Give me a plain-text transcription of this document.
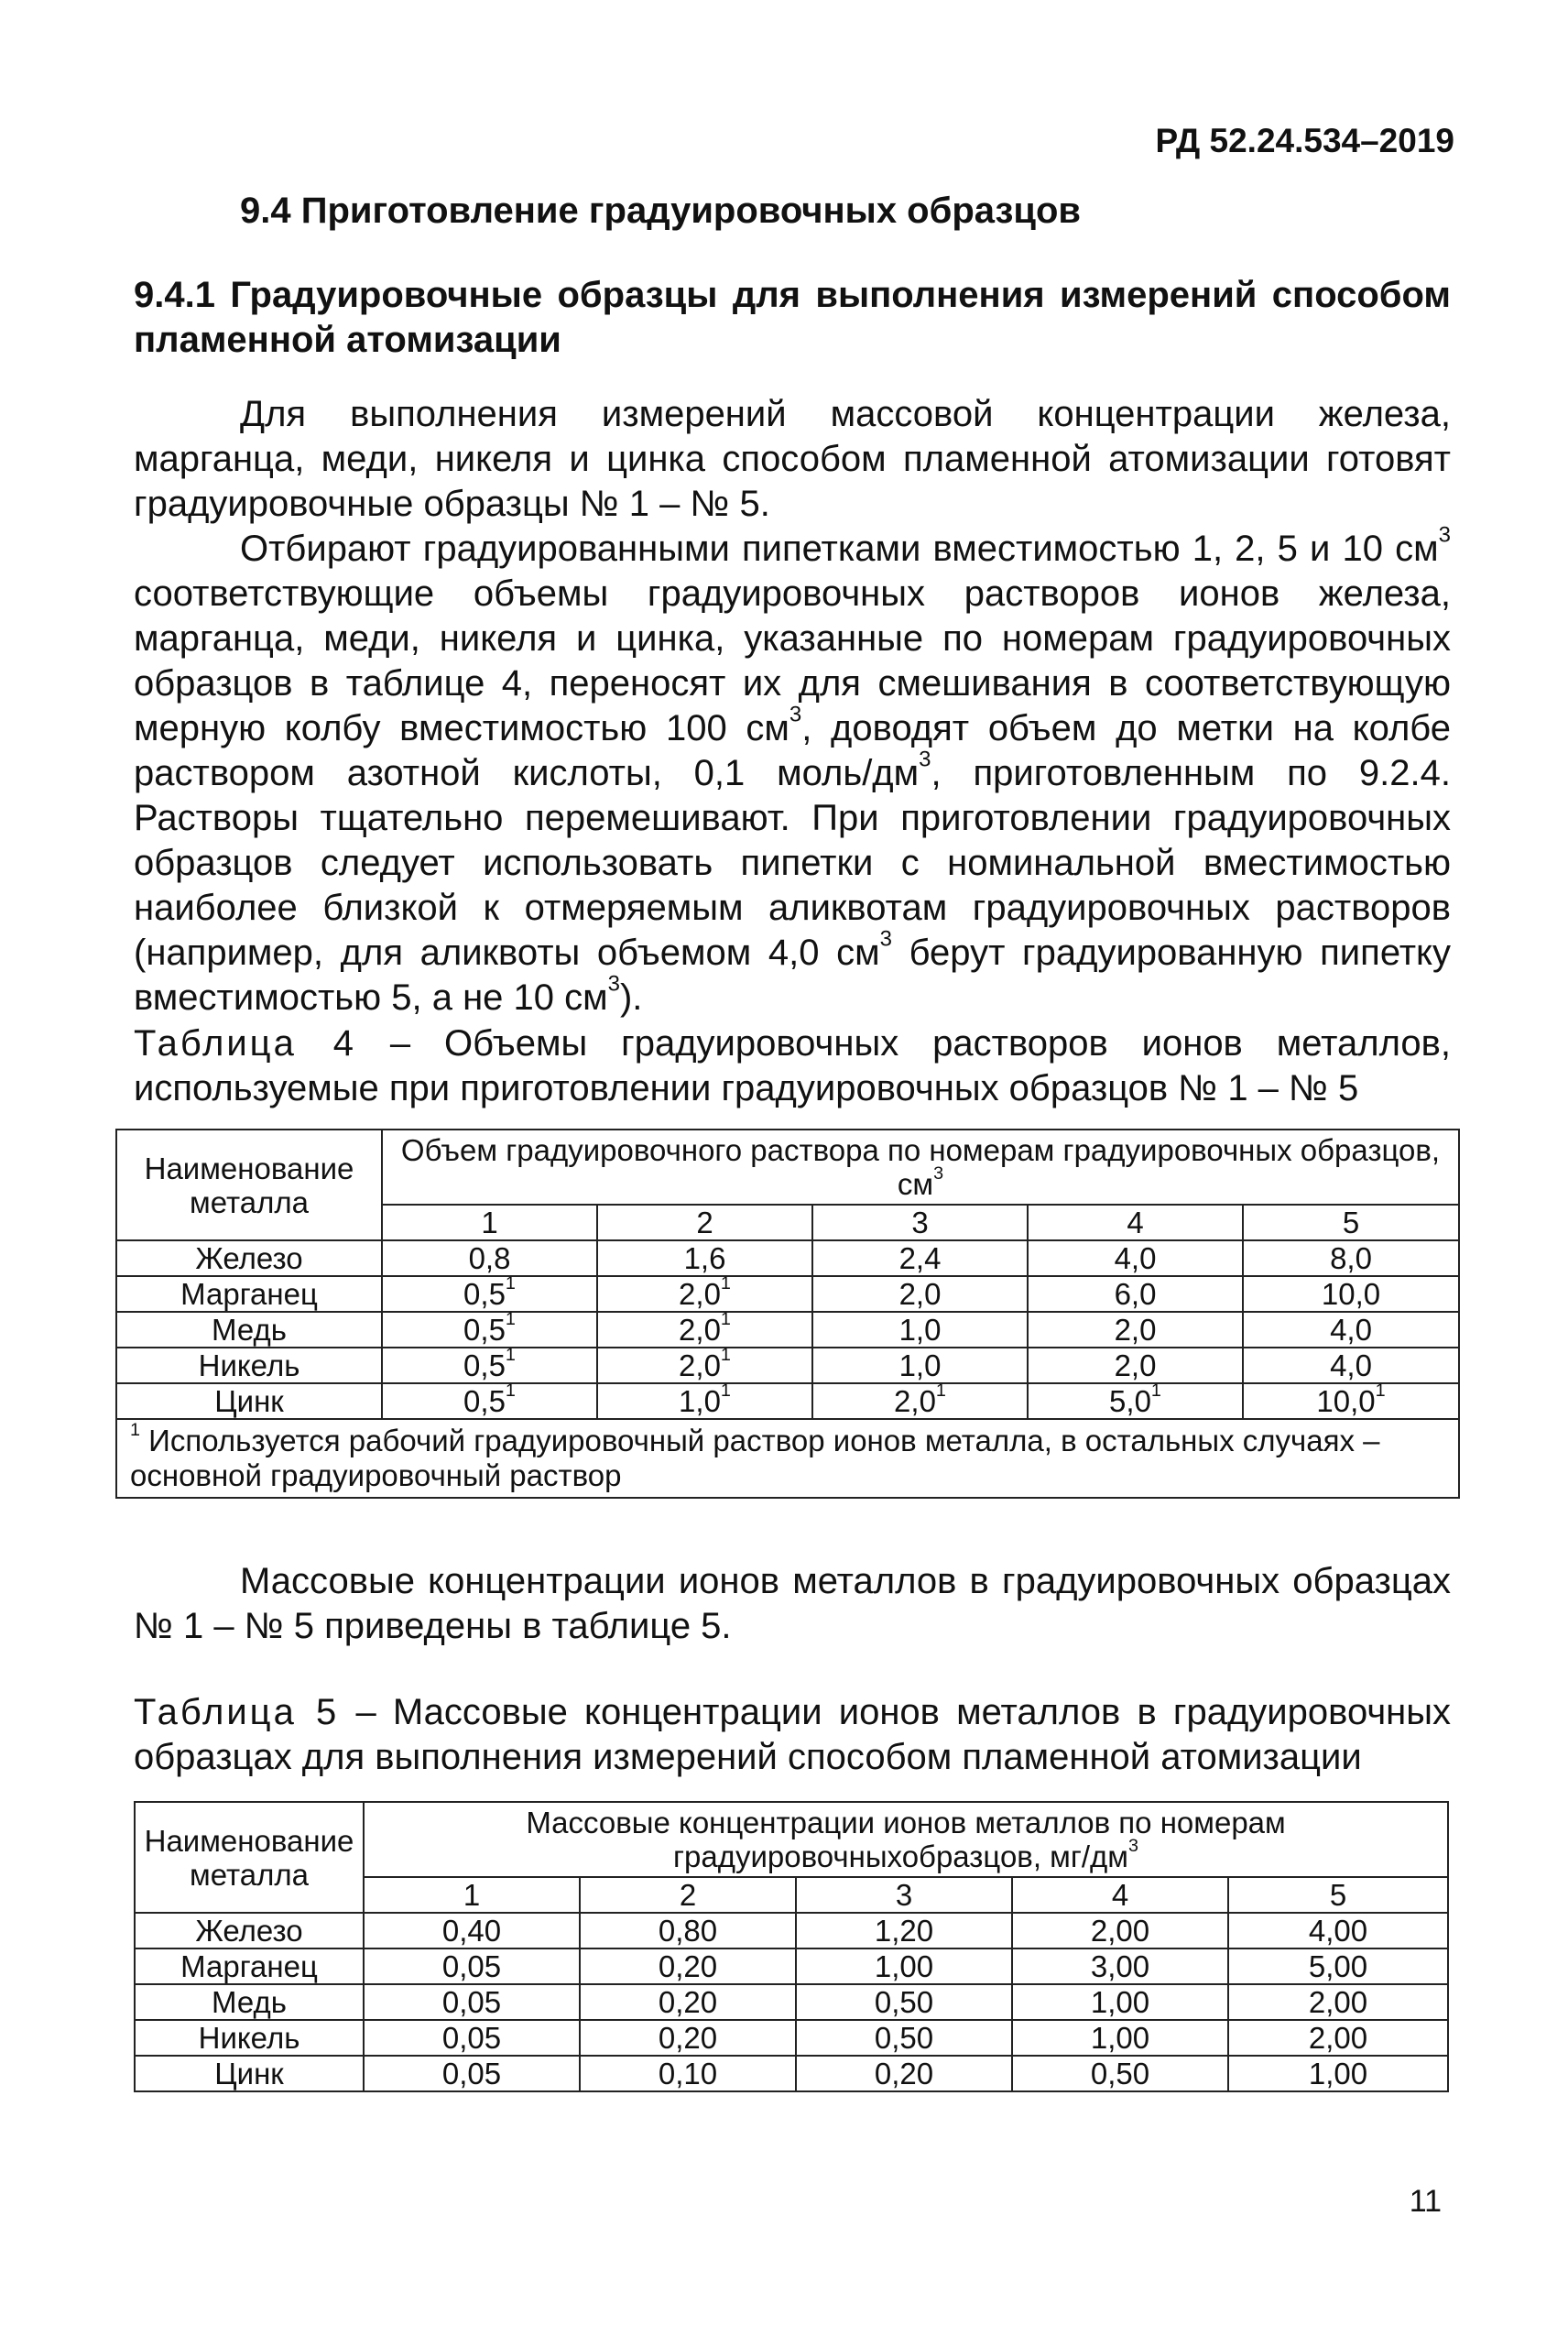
РД 52.24.534–2019

9.4 Приготовление градуировочных образцов
9.4.1 Градуировочные образцы для выполнения измерений способом пламенной атомизации
Для выполнения измерений массовой концентрации железа, марганца, меди, никеля и цинка способом пламенной атомизации готовят градуировочные образцы № 1 – № 5.
Отбирают градуированными пипетками вместимостью 1, 2, 5 и 10 $см^3$ соответствующие объемы градуировочных растворов ионов железа, марганца, меди, никеля и цинка, указанные по номерам градуировочных образцов в таблице 4, переносят их для смешивания в соответствующую мерную колбу вместимостью 100 $см^3$, доводят объем до метки на колбе раствором азотной кислоты, 0,1 моль/$дм^3$, приготовленным по 9.2.4. Растворы тщательно перемешивают. При приготовлении градуировочных образцов следует использовать пипетки с номинальной вместимостью наиболее близкой к отмеряемым аликвотам градуировочных растворов (например, для аликвоты объемом 4,0 $см^3$ берут градуированную пипетку вместимостью 5, а не 10 $см^3$).

Таблица 4 – Объемы градуировочных растворов ионов металлов, используемые при приготовлении градуировочных образцов № 1 – № 5

Наименование металла	Объем градуировочного раствора по номерам градуировочных образцов, $см^3$
	1	2	3	4	5
Железо	0,8	1,6	2,4	4,0	8,0
Марганец	$0,5^1$	$2,0^1$	2,0	6,0	10,0
Медь	$0,5^1$	$2,0^1$	1,0	2,0	4,0
Никель	$0,5^1$	$2,0^1$	1,0	2,0	4,0
Цинк	$0,5^1$	$1,0^1$	$2,0^1$	$5,0^1$	10,0$^1$
$^1$ Используется рабочий градуировочный раствор ионов металла, в остальных случаях – основной градуировочный раствор					
Массовые концентрации ионов металлов в градуировочных образцах № 1 – № 5 приведены в таблице 5.

Таблица 5 – Массовые концентрации ионов металлов в градуировочных образцах для выполнения измерений способом пламенной атомизации

Наименование металла	Массовые концентрации ионов металлов по номерам градуировочныхобразцов, $мг/дм^3$
	1	2	3	4	5
Железо	0,40	0,80	1,20	2,00	4,00
Марганец	0,05	0,20	1,00	3,00	5,00
Медь	0,05	0,20	0,50	1,00	2,00
Никель	0,05	0,20	0,50	1,00	2,00
Цинк	0,05	0,10	0,20	0,50	1,00

11
